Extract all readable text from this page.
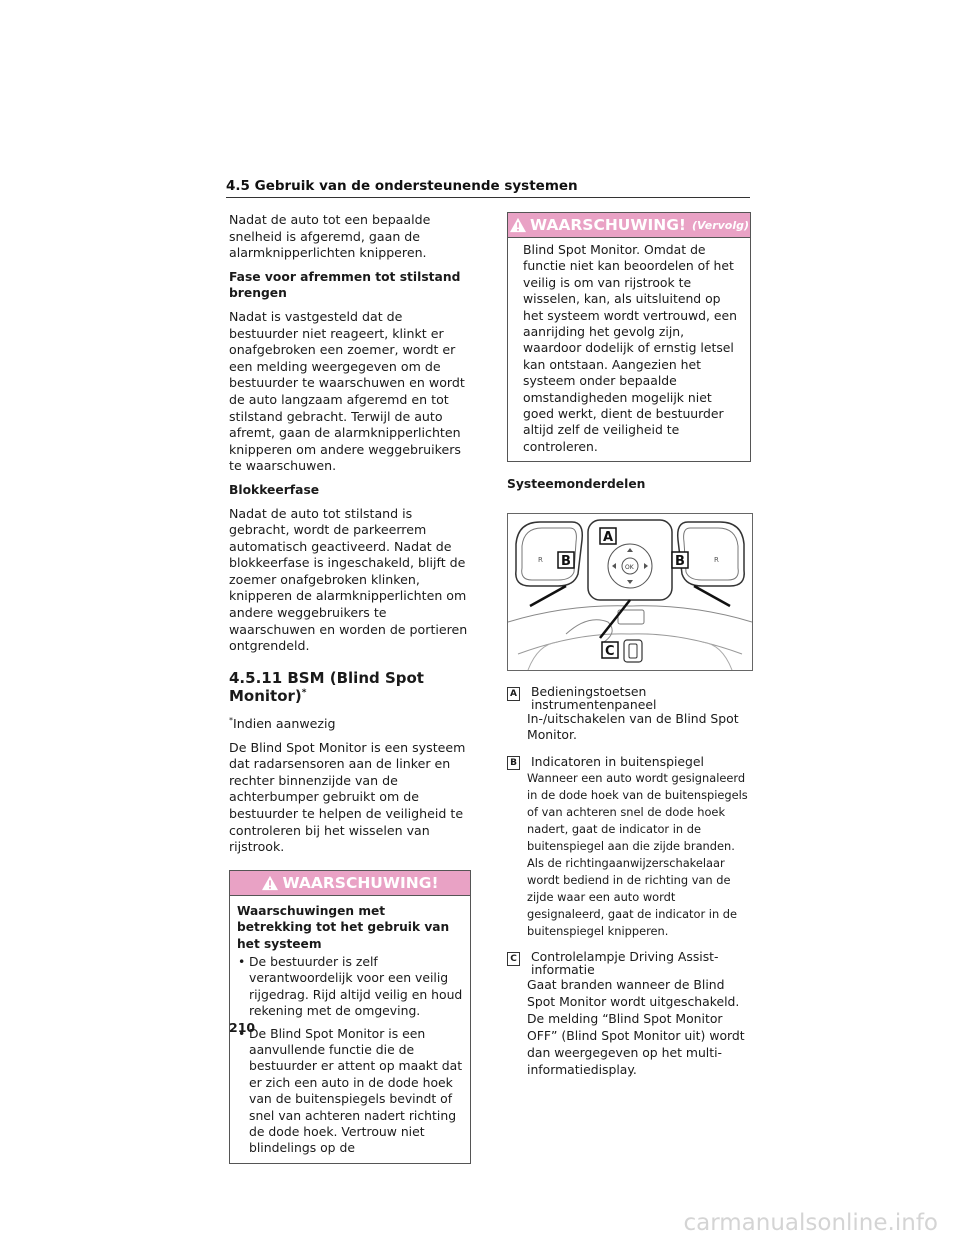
4.5 Gebruik van de ondersteunende systemen

Nadat de auto tot een bepaalde snelheid is afgeremd, gaan de alarmknipperlichten knipperen.

Fase voor afremmen tot stilstand brengen

Nadat is vastgesteld dat de bestuurder niet reageert, klinkt er onafgebroken een zoemer, wordt er een melding weergegeven om de bestuurder te waarschuwen en wordt de auto langzaam afgeremd en tot stilstand gebracht. Terwijl de auto afremt, gaan de alarmknipperlichten knipperen om andere weggebruikers te waarschuwen.

Blokkeerfase

Nadat de auto tot stilstand is gebracht, wordt de parkeerrem automatisch geactiveerd. Nadat de blokkeerfase is ingeschakeld, blijft de zoemer onafgebroken klinken, knipperen de alarmknipperlichten om andere weggebruikers te waarschuwen en worden de portieren ontgrendeld.

4.5.11 BSM (Blind Spot Monitor)*

*Indien aanwezig

De Blind Spot Monitor is een systeem dat radarsensoren aan de linker en rechter binnenzijde van de achterbumper gebruikt om de bestuurder te helpen de veiligheid te controleren bij het wisselen van rijstrook.

WAARSCHUWING!
Waarschuwingen met betrekking tot het gebruik van het systeem
• De bestuurder is zelf verantwoordelijk voor een veilig rijgedrag. Rijd altijd veilig en houd rekening met de omgeving.
• De Blind Spot Monitor is een aanvullende functie die de bestuurder er attent op maakt dat er zich een auto in de dode hoek van de buitenspiegels bevindt of snel van achteren nadert richting de dode hoek. Vertrouw niet blindelings op de
WAARSCHUWING! (Vervolg)
Blind Spot Monitor. Omdat de functie niet kan beoordelen of het veilig is om van rijstrook te wisselen, kan, als uitsluitend op het systeem wordt vertrouwd, een aanrijding het gevolg zijn, waardoor dodelijk of ernstig letsel kan ontstaan. Aangezien het systeem onder bepaalde omstandigheden mogelijk niet goed werkt, dient de bestuurder altijd zelf de veiligheid te controleren.

Systeemonderdelen

R	R
OK
A
B	B
C
A Bedieningstoetsen instrumentenpaneel
In-/uitschakelen van de Blind Spot Monitor.
B Indicatoren in buitenspiegel
Wanneer een auto wordt gesignaleerd in de dode hoek van de buitenspiegels of van achteren snel de dode hoek nadert, gaat de indicator in de buitenspiegel aan die zijde branden. Als de richtingaanwijzerschakelaar wordt bediend in de richting van de zijde waar een auto wordt gesignaleerd, gaat de indicator in de buitenspiegel knipperen.
C Controlelampje Driving Assist-informatie
Gaat branden wanneer de Blind Spot Monitor wordt uitgeschakeld. De melding “Blind Spot Monitor OFF” (Blind Spot Monitor uit) wordt dan weergegeven op het multi-informatiedisplay.
210
carmanualsonline.info
